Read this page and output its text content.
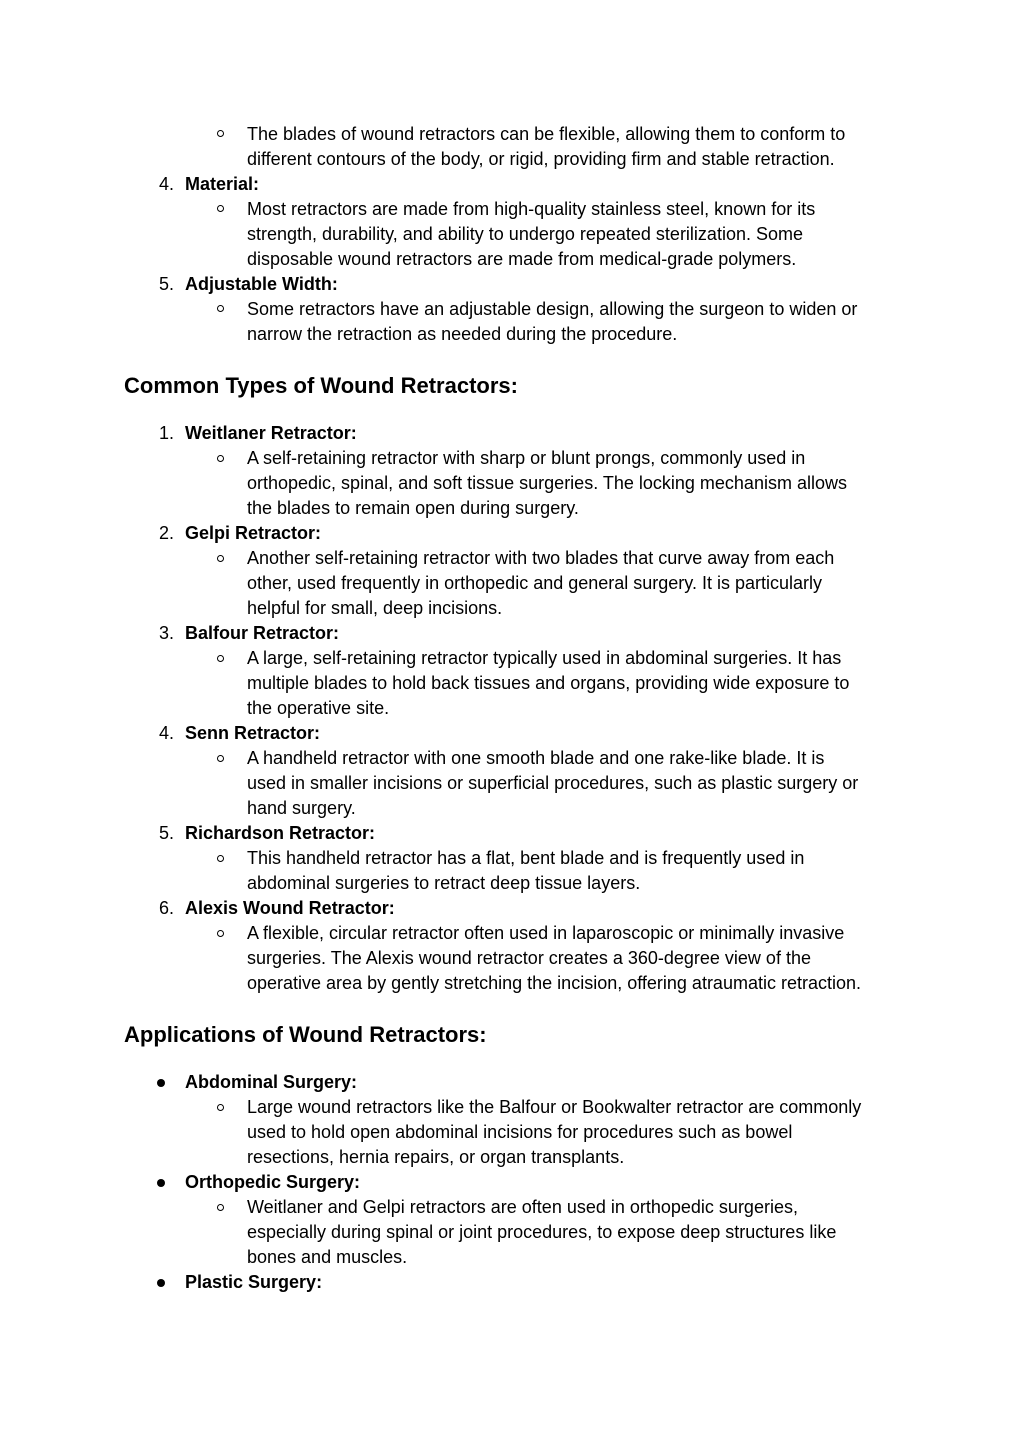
The blades of wound retractors can be flexible, allowing them to conform to
different contours of the body, or rigid, providing firm and stable retraction.
4. Material:
Most retractors are made from high-quality stainless steel, known for its
strength, durability, and ability to undergo repeated sterilization. Some
disposable wound retractors are made from medical-grade polymers.
5. Adjustable Width:
Some retractors have an adjustable design, allowing the surgeon to widen or
narrow the retraction as needed during the procedure.
Common Types of Wound Retractors:
1. Weitlaner Retractor:
A self-retaining retractor with sharp or blunt prongs, commonly used in
orthopedic, spinal, and soft tissue surgeries. The locking mechanism allows
the blades to remain open during surgery.
2. Gelpi Retractor:
Another self-retaining retractor with two blades that curve away from each
other, used frequently in orthopedic and general surgery. It is particularly
helpful for small, deep incisions.
3. Balfour Retractor:
A large, self-retaining retractor typically used in abdominal surgeries. It has
multiple blades to hold back tissues and organs, providing wide exposure to
the operative site.
4. Senn Retractor:
A handheld retractor with one smooth blade and one rake-like blade. It is
used in smaller incisions or superficial procedures, such as plastic surgery or
hand surgery.
5. Richardson Retractor:
This handheld retractor has a flat, bent blade and is frequently used in
abdominal surgeries to retract deep tissue layers.
6. Alexis Wound Retractor:
A flexible, circular retractor often used in laparoscopic or minimally invasive
surgeries. The Alexis wound retractor creates a 360-degree view of the
operative area by gently stretching the incision, offering atraumatic retraction.
Applications of Wound Retractors:
Abdominal Surgery:
Large wound retractors like the Balfour or Bookwalter retractor are commonly
used to hold open abdominal incisions for procedures such as bowel
resections, hernia repairs, or organ transplants.
Orthopedic Surgery:
Weitlaner and Gelpi retractors are often used in orthopedic surgeries,
especially during spinal or joint procedures, to expose deep structures like
bones and muscles.
Plastic Surgery:
